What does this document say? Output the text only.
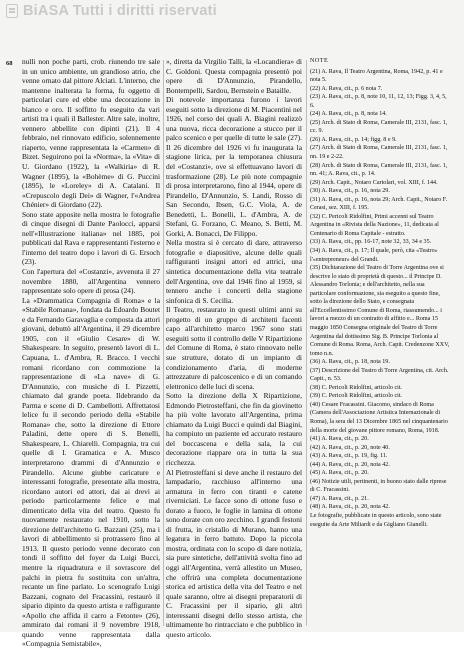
BiASA Tutti i diritti riservati
68 nulli non poche parti, crob. riunendo tre sale in un unico ambiente, un grandioso atrio, che venne ornato dal pittore Alciati. L'interno, che mantenne inalterata la forma, fu oggetto di particolari cure ed ebbe una decorazione in bianco e oro. Il soffitto fu eseguito da vari artisti tra i quali il Ballester. Altre sale, inoltre, vennero abbellite con dipinti (21). Il 4 febbraio, nel rinnovato edificio, solennemente riaperto, venne rappresentata la «Carmen» di Bizet. Seguirono poi la «Norma», la «Vita» di U. Giordano (1922), la «Walkiria» di R. Wagner (1895), la «Bohème» di G. Puccini (1895), le «Loreley» di A. Catalani. Il «Crepuscolo degli Dei» di Wagner, l'«Andrea Chénier» di Giordano (22).

Sono state apposite nella mostra le fotografie di cinque disegni di Dante Paolocci, apparsi nell'«Illustrazione italiana» nel 1885, poi pubblicati dal Rava e rappresentanti l'esterno e l'interno del teatro dopo i lavori di G. Ersoch (23).

Con l'apertura del «Costanzi», avvenuta il 27 novembre 1880, all'Argentina vennero rappresentate solo opere di prosa (24).

La «Drammatica Compagnia di Roma» e la «Stabile Romana», fondata da Edoardo Boutet e da Fernando Garavaglia e composta da attori giovani, debuttò all'Argentina, il 29 dicembre 1905, con il «Giulio Cesare» di W. Shakespeare. In seguito, presentò lavori di L. Capuana, L. d'Ambra, R. Bracco. I vecchi romani ricordano con commozione la rappresentazione di «La nave» di G. D'Annunzio, con musiche di I. Pizzetti, chiamato dal grande poeta. Ildebrando da Parma e scene di D. Cambellotti. Affrettatosi lelice fu il secondo periodo della «Stabile Romana» che, sotto la direzione di Ettore Paladini, dette opere di S. Benelli, Shakespeare, L. Chiarelli. Compagnia, tra cui quelle di I. Gramatica e A. Musco interpretarono drammi di d'Annunzio e Pirandello. Alcune giubbe caricature e interessanti fotografie, presentate alla mostra, ricordano autori ed attori, dai ai drevi ai periodo particolarmente felice e mal dimenticato della vita del teatro. Questo fu nuovamente restaurato nel 1910, sotto la direzione dell'architetto G. Bazzani (25), ma i lavori di abbellimento si protrassero fino al 1913. Il questo periodo venne decorato con tondi il soffitto del foyer da Luigi Bucci, mentre la riquadratura e il sovrascore del palchi in pietra fu sostituita con un'altra, recante un fine parlato. Lo scenografo Luigi Bazzani, cognato del Fracassini, restaurò il sipario dipinto da questo artista e raffigurante «Apollo che affida il carro a Fetonte» (26), ammirato dai romani il 9 novembre 1918, quando venne rappresentata dalla «Compagnia Semistabile»,

», diretta da Virgilio Talli, la «Locandiera» di C. Goldoni. Questa compagnia presentò poi opere di D'Annunzio, Pirandello, Bontempelli, Sardou, Bernstein e Bataille.

Di notevole importanza furono i lavori eseguiti sotto la direzione di M. Piacentini nel 1926, nel corso dei quali A. Biagini realizzò una nuova, ricca decorazione a stucco per il palco scenico e per quelle di tutte le sale (27). Il 26 dicembre del 1926 vi fu inaugurata la stagione lirica, per la temporanea chiusura del «Costanzi», ove si effettuavano lavori di trasformazione (28). Le più note compagnie di prosa interpretarono, fino al 1944, opere di Pirandello, D'Annunzio, S. Landi, Rosso di San Secondo, Ibsen, G.C. Viola, A. de Benedetti, L. Bonelli, L. d'Ambra, A. de Stefani, G. Forzano, C. Meano, S. Betti, M. Gorki, A. Bonacci, De Filippo.

Nella mostra si è cercato di dare, attraverso fotografie e diapositive, alcune delle quali raffiguranti insigni attori ed attrici, una sintetica documentazione della vita teatrale dell'Argentina, ove dal 1946 fino al 1959, si tennero anche i concerti della stagione sinfonica di S. Cecilia.

Il Teatro, restaurato in questi ultimi anni su progetto di un gruppo di architetti facenti capo all'architetto marco 1967 sono stati eseguiti sotto il controllo delle V Ripartizione del Comune di Roma, è stato rinnovato nelle sue strutture, dotato di un impianto di condizionamento d'aria, di moderne attrezzature di palcoscenico e di un comando elettronico delle luci di scena.

Sotto la direzione della X Ripartizione, Edmondo Pietrosteffani, che fin da giovinetto ha più volte lavorato all'Argentina, prima chiamato da Luigi Bucci e quindi dal Biagini, ha compiuto un paziente ed accurato restauro del boccascena e della sala, la cui decorazione riappare ora in tutta la sua ricchezza.

Al Pietrosteffani si deve anche il restauro del lampadario, racchiuso all'interno una armatura in ferro con tiranti e catene riverniciati. Le facce sono di ottone fuso e dorato a fuoco, le foglie in lamina di ottone sono dorate con oro zecchino. I grandi festoni di frutta, in cristallo di Murano, hanno una legatura in ferro battuto. Dopo la piccola mostra, ordinata con lo scopo di dare notizia, sia pure sintetiche, dell'attività svolta fino ad oggi all'Argentina, verrà allestito un Museo, che offrirà una completa documentazione storica ed artistica della vita del Teatro e nel quale saranno, oltre ai disegni preparatorii di C. Fracassini per il sipario, gli altri interessanti disegni dello stesso artista, che ultimamente ho rintracciato e che pubblico in questo articolo.

NOTE

(21) A. Rava, Il Teatro Argentina, Roma, 1942, p. 41 e nota 5.

(22) A. Rava, cit., p. 6 nota 7.

(23) A. Rava, cit., p. 8, note 10, 11, 12, 13; Figg. 3, 4, 5, 6.

(24) A. Rava, cit., p. 8, nota 14.

(25) Arch. di Stato di Roma, Camerale III, 2131, fasc. 1, cc. 9.

(26) A. Rava, cit., p. 14; figg. 8 e 9.

(27) Arch. di Stato di Roma, Camerale III, 2131, fasc. 1, nn. 19 e 2-22.

(28) Arch. di Stato di Roma, Camerale III, 2131, fasc. 1, nn. 41; A. Rava, cit., p. 14.

(29) Arch. Capit., Notaro Cartolari, vol. XIII, f. 144.

(30) A. Rava, cit., p. 16, nota 29.

(31) A. Rava, cit., p. 16, nota 29; Arch. Capit., Notaro F. Cerasi, sez. XIII, f. 195.

(32) C. Pericoli Ridolfini, Primi accenni sul Teatro Argentina in «Rivista della Nazione», 11, dedicata al Centenario di Roma Capitale - estratto.

(33) A. Rava, cit., pp. 16-17, note 32, 33, 34 e 35.

(34) A. Rava, cit., p. 17; Il quale, però, cita «Teatro» l'«entrepreneur» del Grandi.

(35) Dichiarazione del Teatro di Torre Argentina ove si descrive lo stato di proprietà di questo... il Principe D. Alessandro Torlonia; e dell'architetto, nella sua particolare conformazione, sia eseguito a questo fine, sotto la direzione dello Stato, e consegnata all'Eccellentissimo Comune di Roma, riassumendo... i lavori a mezzo di un contratto di affitto e... Roma 15 maggio 1850 Consegna originale del Teatro di Torre Argentina dal dottissimo Sig. B. Principe Torlonia al Comune di Roma. Roma, Arch. Capit. Credenzone XXV, tomo n.n.

(36) A. Rava, cit., p. 18, nota 19.

(37) Descrizione del Teatro di Torre Argentina, cit. Arch. Capit., n. 53.

(38) C. Pericoli Ridolfini, articolo cit.

(39) C. Pericoli Ridolfini, articolo cit.

(40) Cesare Fracassini. Giacomo, sindaco di Roma (Camera dell'Associazione Artistica Internazionale di Roma), la sera del 13 Dicembre 1865 nel cinquantenario della morte del giovane pittore romano, Roma, 1918.

(41) A. Rava, cit., p. 20.

(42) A. Rava, cit., p. 20, note 40.

(43) A. Rava, cit., p. 19, fig. 11.

(44) A. Rava, cit., p. 20, nota 42.

(45) A. Rava, cit., p. 20.

(46) Notizie utili, pertinenti, in buono stato dalle riprese di C. Fracassini.

(47) A. Rava, cit., p. 21.

(48) A. Rava, cit., p. 20, nota 42.

Le fotografie, pubblicate in questo articolo, sono state eseguite da Arte Miliardi e da Gigliano Gianelli.
